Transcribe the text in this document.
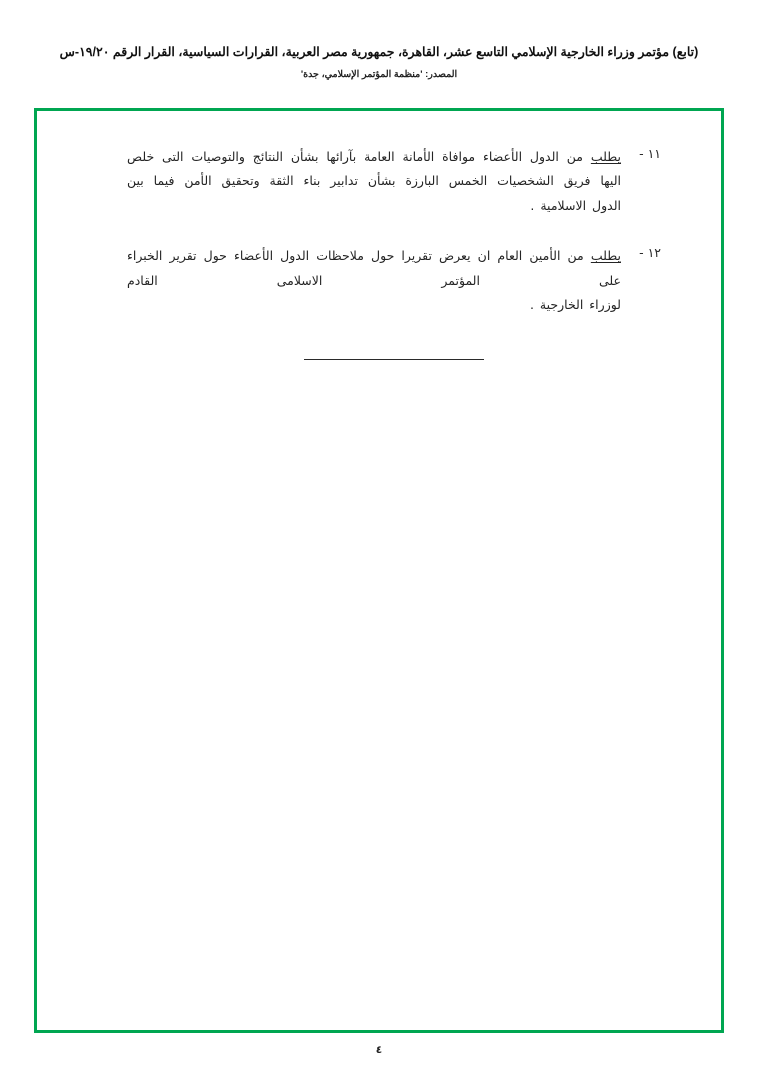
(تابع) مؤتمر وزراء الخارجية الإسلامي التاسع عشر، القاهرة، جمهورية مصر العربية، القرارات السياسية، القرار الرقم ١٩/٢٠-س
المصدر: 'منظمة المؤتمر الإسلامي، جدة'
١١ -
يطلب من الدول الأعضاء موافاة الأمانة العامة بآرائها بشأن النتائج والتوصيات التى خلص اليها فريق الشخصيات الخمس البارزة بشأن تدابير بناء الثقة وتحقيق الأمن فيما بين
الدول الاسلامية .
١٢ -
يطلب من الأمين العام ان يعرض تقريرا حول ملاحظات الدول الأعضاء حول تقرير الخبراء على المؤتمر الاسلامى القادم
لوزراء الخارجية .
٤
